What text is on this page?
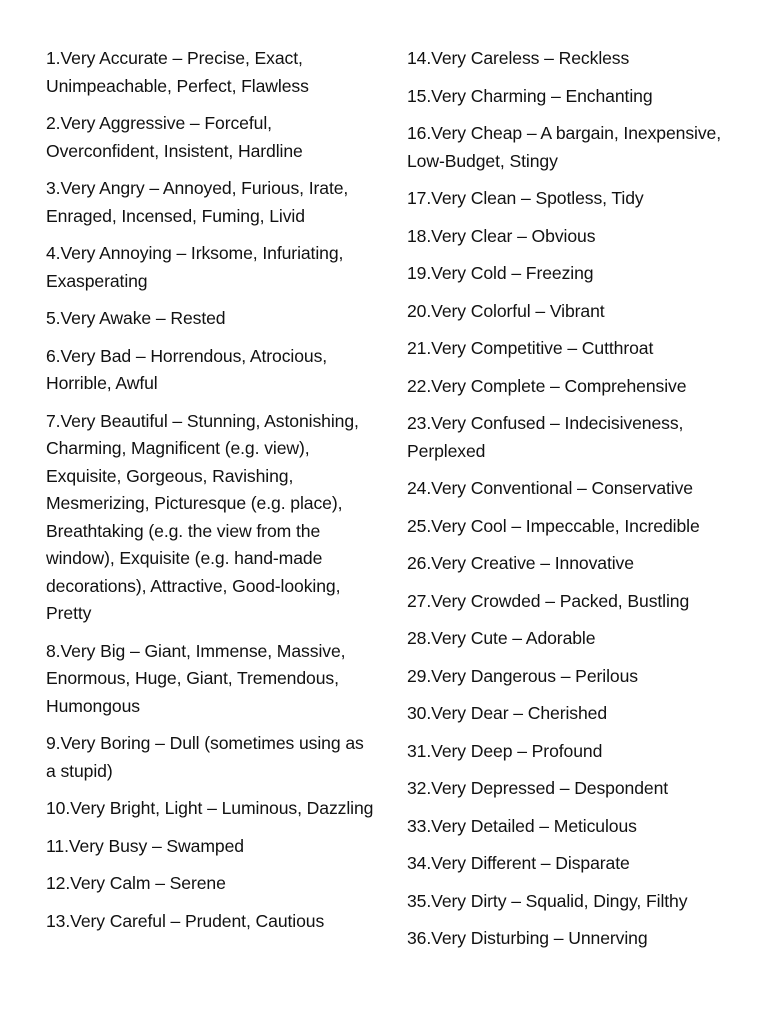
1.Very Accurate – Precise, Exact, Unimpeachable, Perfect, Flawless

2.Very Aggressive – Forceful, Overconfident, Insistent, Hardline

3.Very Angry – Annoyed, Furious, Irate, Enraged, Incensed, Fuming, Livid

4.Very Annoying – Irksome, Infuriating, Exasperating

5.Very Awake – Rested

6.Very Bad – Horrendous, Atrocious, Horrible, Awful

7.Very Beautiful – Stunning, Astonishing, Charming, Magnificent (e.g. view), Exquisite, Gorgeous, Ravishing, Mesmerizing, Picturesque (e.g. place), Breathtaking (e.g. the view from the window), Exquisite (e.g. hand-made decorations), Attractive, Good-looking, Pretty

8.Very Big – Giant, Immense, Massive, Enormous, Huge, Giant, Tremendous, Humongous

9.Very Boring – Dull (sometimes using as a stupid)

10.Very Bright, Light – Luminous, Dazzling

11.Very Busy – Swamped

12.Very Calm – Serene

13.Very Careful – Prudent, Cautious

14.Very Careless – Reckless

15.Very Charming – Enchanting

16.Very Cheap – A bargain, Inexpensive, Low-Budget, Stingy

17.Very Clean – Spotless, Tidy

18.Very Clear – Obvious

19.Very Cold – Freezing

20.Very Colorful – Vibrant

21.Very Competitive – Cutthroat

22.Very Complete – Comprehensive

23.Very Confused – Indecisiveness, Perplexed

24.Very Conventional – Conservative

25.Very Cool – Impeccable, Incredible

26.Very Creative – Innovative

27.Very Crowded – Packed, Bustling

28.Very Cute – Adorable

29.Very Dangerous – Perilous

30.Very Dear – Cherished

31.Very Deep – Profound

32.Very Depressed – Despondent

33.Very Detailed – Meticulous

34.Very Different – Disparate

35.Very Dirty – Squalid, Dingy, Filthy

36.Very Disturbing – Unnerving
